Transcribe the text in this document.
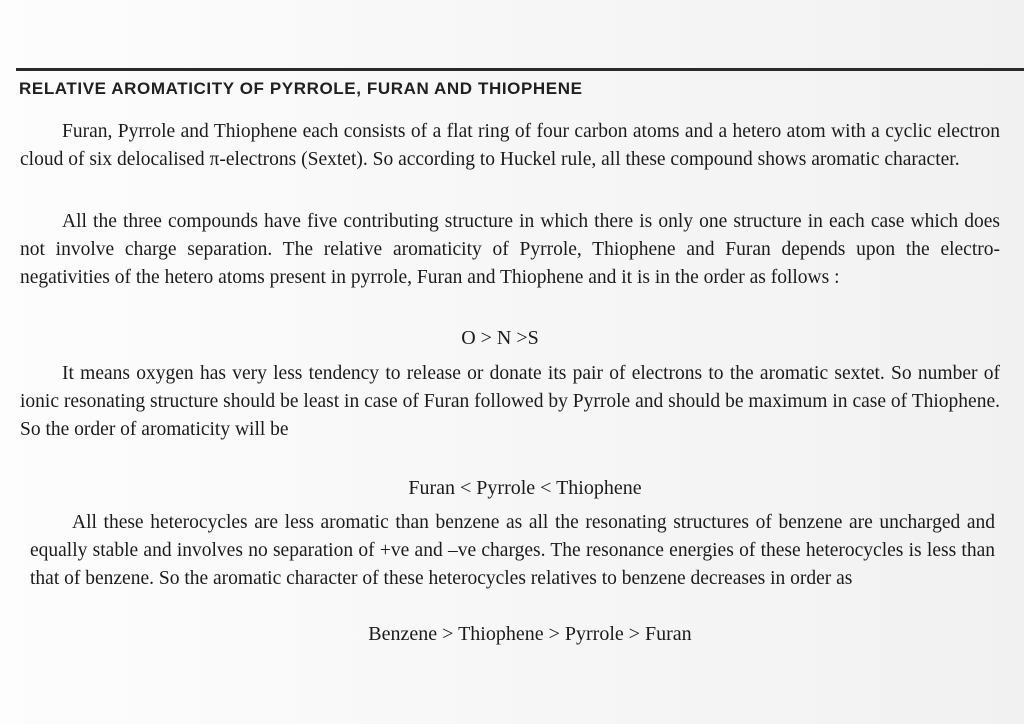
RELATIVE AROMATICITY OF PYRROLE, FURAN AND THIOPHENE
Furan, Pyrrole and Thiophene each consists of a flat ring of four carbon atoms and a hetero atom with a cyclic electron cloud of six delocalised π-electrons (Sextet). So according to Huckel rule, all these compound shows aromatic character.
All the three compounds have five contributing structure in which there is only one structure in each case which does not involve charge separation. The relative aromaticity of Pyrrole, Thiophene and Furan depends upon the electro-negativities of the hetero atoms present in pyrrole, Furan and Thiophene and it is in the order as follows :
O > N >S
It means oxygen has very less tendency to release or donate its pair of electrons to the aromatic sextet. So number of ionic resonating structure should be least in case of Furan followed by Pyrrole and should be maximum in case of Thiophene. So the order of aromaticity will be
Furan < Pyrrole < Thiophene
All these heterocycles are less aromatic than benzene as all the resonating structures of benzene are uncharged and equally stable and involves no separation of +ve and –ve charges. The resonance energies of these heterocycles is less than that of benzene. So the aromatic character of these heterocycles relatives to benzene decreases in order as
Benzene > Thiophene > Pyrrole > Furan
